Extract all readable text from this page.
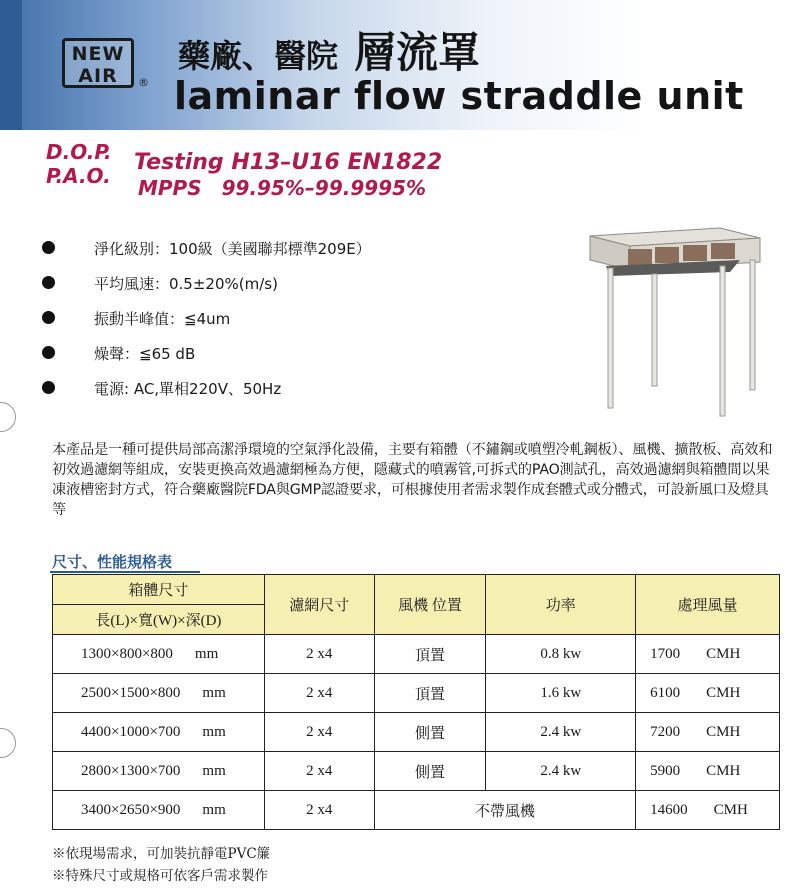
NEW
AIR	®
藥廠、醫院 層流罩
laminar flow straddle unit
D.O.P.
P.A.O.
Testing H13–U16 EN1822
MPPS 99.95%–99.9995%
淨化級別：100級（美國聯邦標準209E）
平均風速：0.5±20%(m/s)
振動半峰值：≦4um
燥聲：≦65 dB
電源: AC,單相220V、50Hz
本產品是一種可提供局部高潔淨環境的空氣淨化設備，主要有箱體（不鏽鋼或噴塑冷軋鋼板）、風機、擴散板、高效和初效過濾網等組成，安裝更換高效過濾網極為方便，隱藏式的噴霧管,可拆式的PAO測試孔，高效過濾網與箱體間以果凍液槽密封方式，符合藥廠醫院FDA與GMP認證要求，可根據使用者需求製作成套體式或分體式，可設新風口及燈具等
尺寸、性能規格表
箱體尺寸	濾網尺寸	風機 位置	功率	處理風量
長(L)×寬(W)×深(D)				
1300×800×800 mm	2 x4	頂置	0.8 kw	1700 CMH
2500×1500×800 mm	2 x4	頂置	1.6 kw	6100 CMH
4400×1000×700 mm	2 x4	側置	2.4 kw	7200 CMH
2800×1300×700 mm	2 x4	側置	2.4 kw	5900 CMH
3400×2650×900 mm	2 x4	不帶風機		14600 CMH
※依現場需求，可加裝抗靜電PVC簾
※特殊尺寸或規格可依客戶需求製作
